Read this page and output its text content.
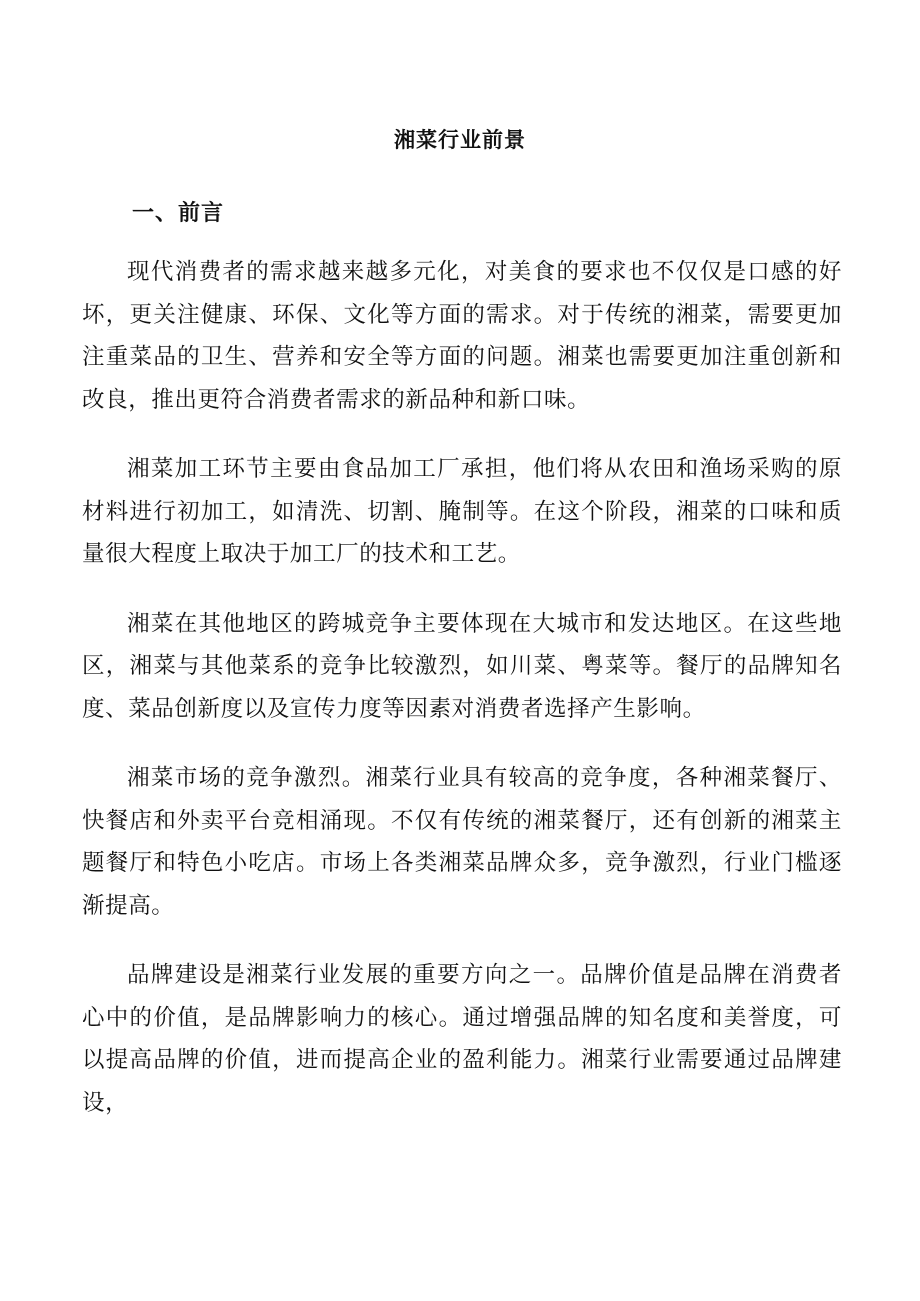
湘菜行业前景
一、前言

现代消费者的需求越来越多元化，对美食的要求也不仅仅是口感的好坏，更关注健康、环保、文化等方面的需求。对于传统的湘菜，需要更加注重菜品的卫生、营养和安全等方面的问题。湘菜也需要更加注重创新和改良，推出更符合消费者需求的新品种和新口味。

湘菜加工环节主要由食品加工厂承担，他们将从农田和渔场采购的原材料进行初加工，如清洗、切割、腌制等。在这个阶段，湘菜的口味和质量很大程度上取决于加工厂的技术和工艺。

湘菜在其他地区的跨城竞争主要体现在大城市和发达地区。在这些地区，湘菜与其他菜系的竞争比较激烈，如川菜、粤菜等。餐厅的品牌知名度、菜品创新度以及宣传力度等因素对消费者选择产生影响。

湘菜市场的竞争激烈。湘菜行业具有较高的竞争度，各种湘菜餐厅、快餐店和外卖平台竞相涌现。不仅有传统的湘菜餐厅，还有创新的湘菜主题餐厅和特色小吃店。市场上各类湘菜品牌众多，竞争激烈，行业门槛逐渐提高。

品牌建设是湘菜行业发展的重要方向之一。品牌价值是品牌在消费者心中的价值，是品牌影响力的核心。通过增强品牌的知名度和美誉度，可以提高品牌的价值，进而提高企业的盈利能力。湘菜行业需要通过品牌建设，
